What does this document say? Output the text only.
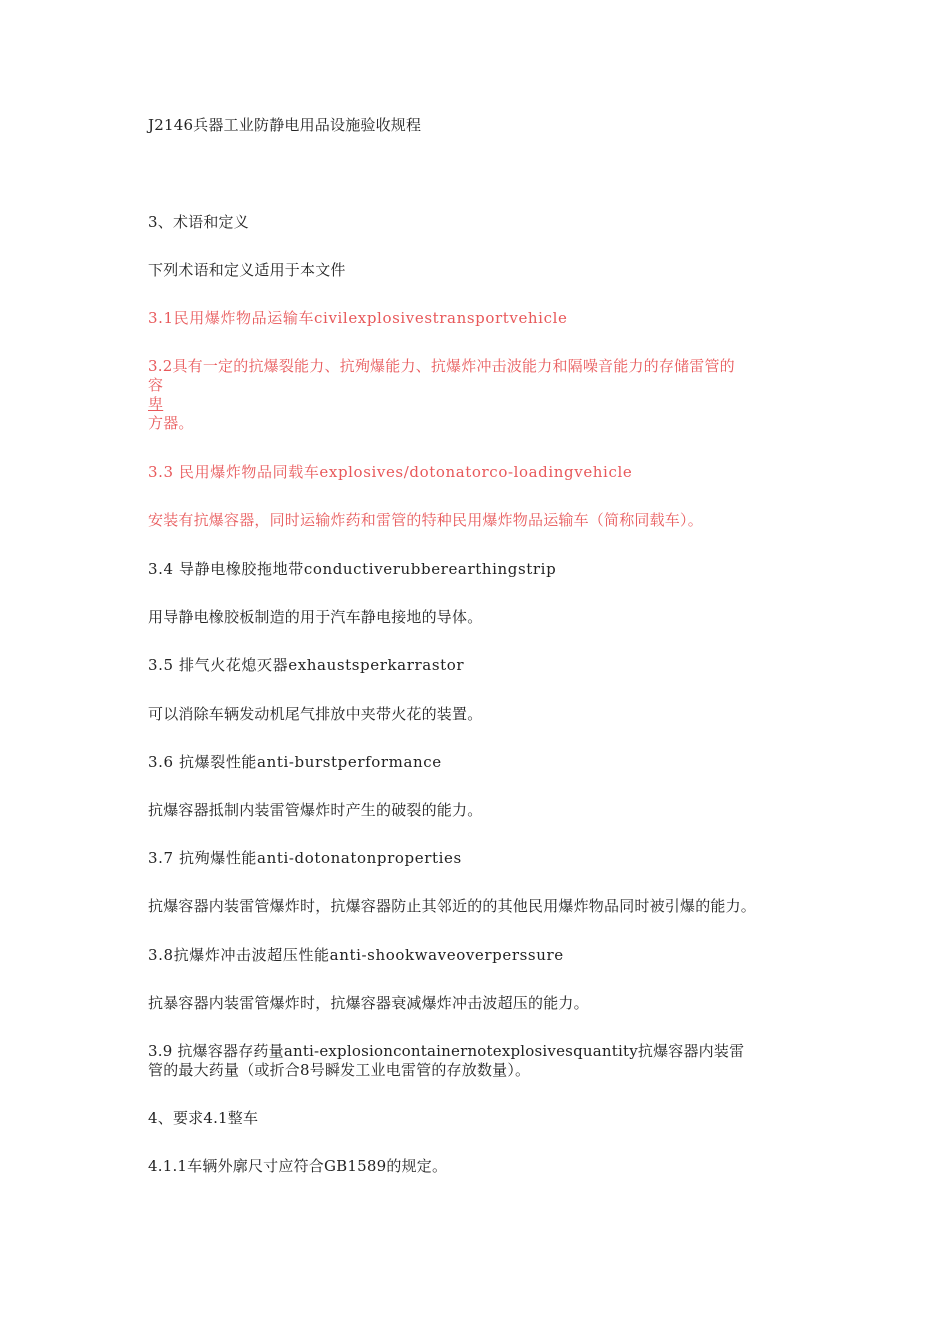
J2146兵器工业防静电用品设施验收规程
3、术语和定义
下列术语和定义适用于本文件
3.1民用爆炸物品运输车civilexplosivestransportvehicle
3.2具有一定的抗爆裂能力、抗殉爆能力、抗爆炸冲击波能力和隔噪音能力的存储雷管的
容
卑
方器。
3.3 民用爆炸物品同载车explosives/dotonatorco-loadingvehicle
安装有抗爆容器，同时运输炸药和雷管的特种民用爆炸物品运输车（简称同载车）。
3.4 导静电橡胶拖地带conductiverubberearthingstrip
用导静电橡胶板制造的用于汽车静电接地的导体。
3.5 排气火花熄灭器exhaustsperkarrastor
可以消除车辆发动机尾气排放中夹带火花的装置。
3.6 抗爆裂性能anti-burstperformance
抗爆容器抵制内装雷管爆炸时产生的破裂的能力。
3.7 抗殉爆性能anti-dotonatonproperties
抗爆容器内装雷管爆炸时，抗爆容器防止其邻近的的其他民用爆炸物品同时被引爆的能力。
3.8抗爆炸冲击波超压性能anti-shookwaveoverperssure
抗暴容器内装雷管爆炸时，抗爆容器衰减爆炸冲击波超压的能力。
3.9 抗爆容器存药量anti-explosioncontainernotexplosivesquantity抗爆容器内装雷
管的最大药量（或折合8号瞬发工业电雷管的存放数量）。
4、要求4.1整车
4.1.1车辆外廓尺寸应符合GB1589的规定。
